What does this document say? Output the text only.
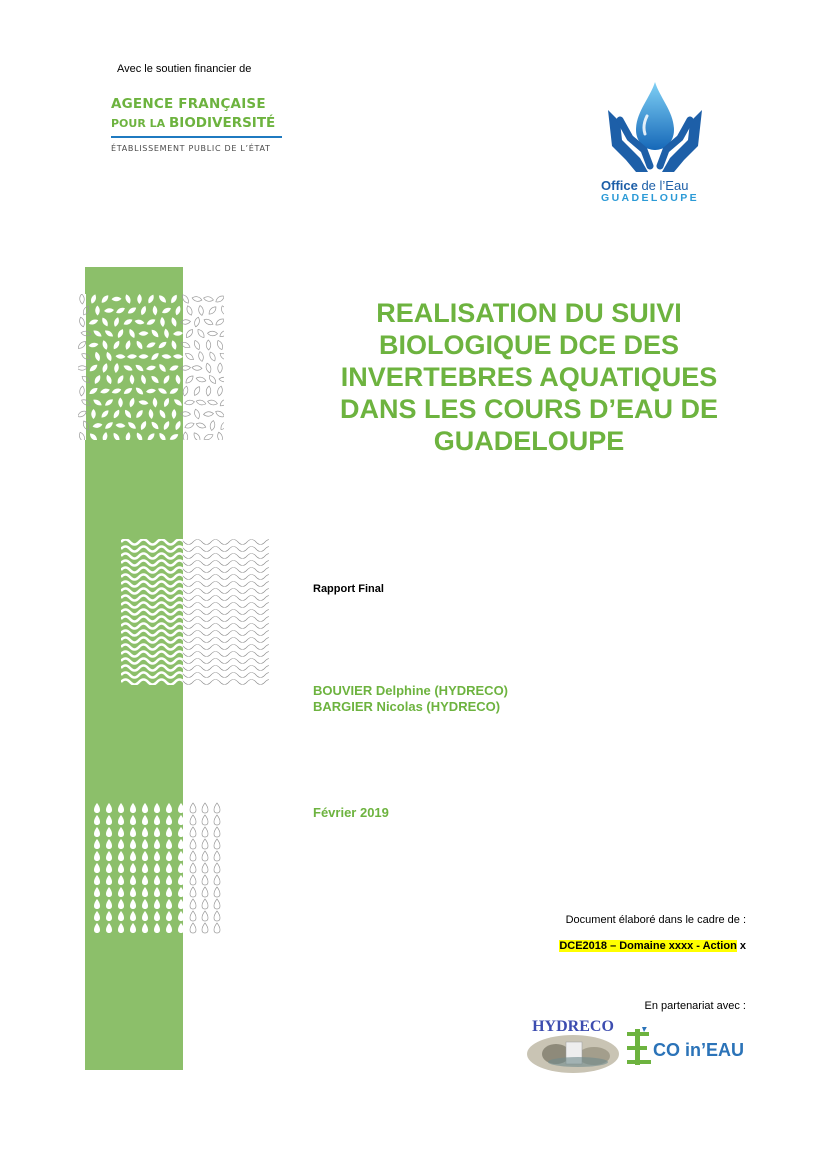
Avec le soutien financier de
AGENCE FRANÇAISE
POUR LA BIODIVERSITÉ
ÉTABLISSEMENT PUBLIC DE L’ÉTAT
Office de l’Eau
GUADELOUPE
REALISATION DU SUIVI
BIOLOGIQUE DCE DES
INVERTEBRES AQUATIQUES
DANS LES COURS D’EAU DE
GUADELOUPE
Rapport Final
BOUVIER Delphine (HYDRECO)
BARGIER Nicolas (HYDRECO)
Février 2019
Document élaboré dans le cadre de :
DCE2018 – Domaine xxxx - Action x
En partenariat avec :
HYDRECO
CO in’EAU
